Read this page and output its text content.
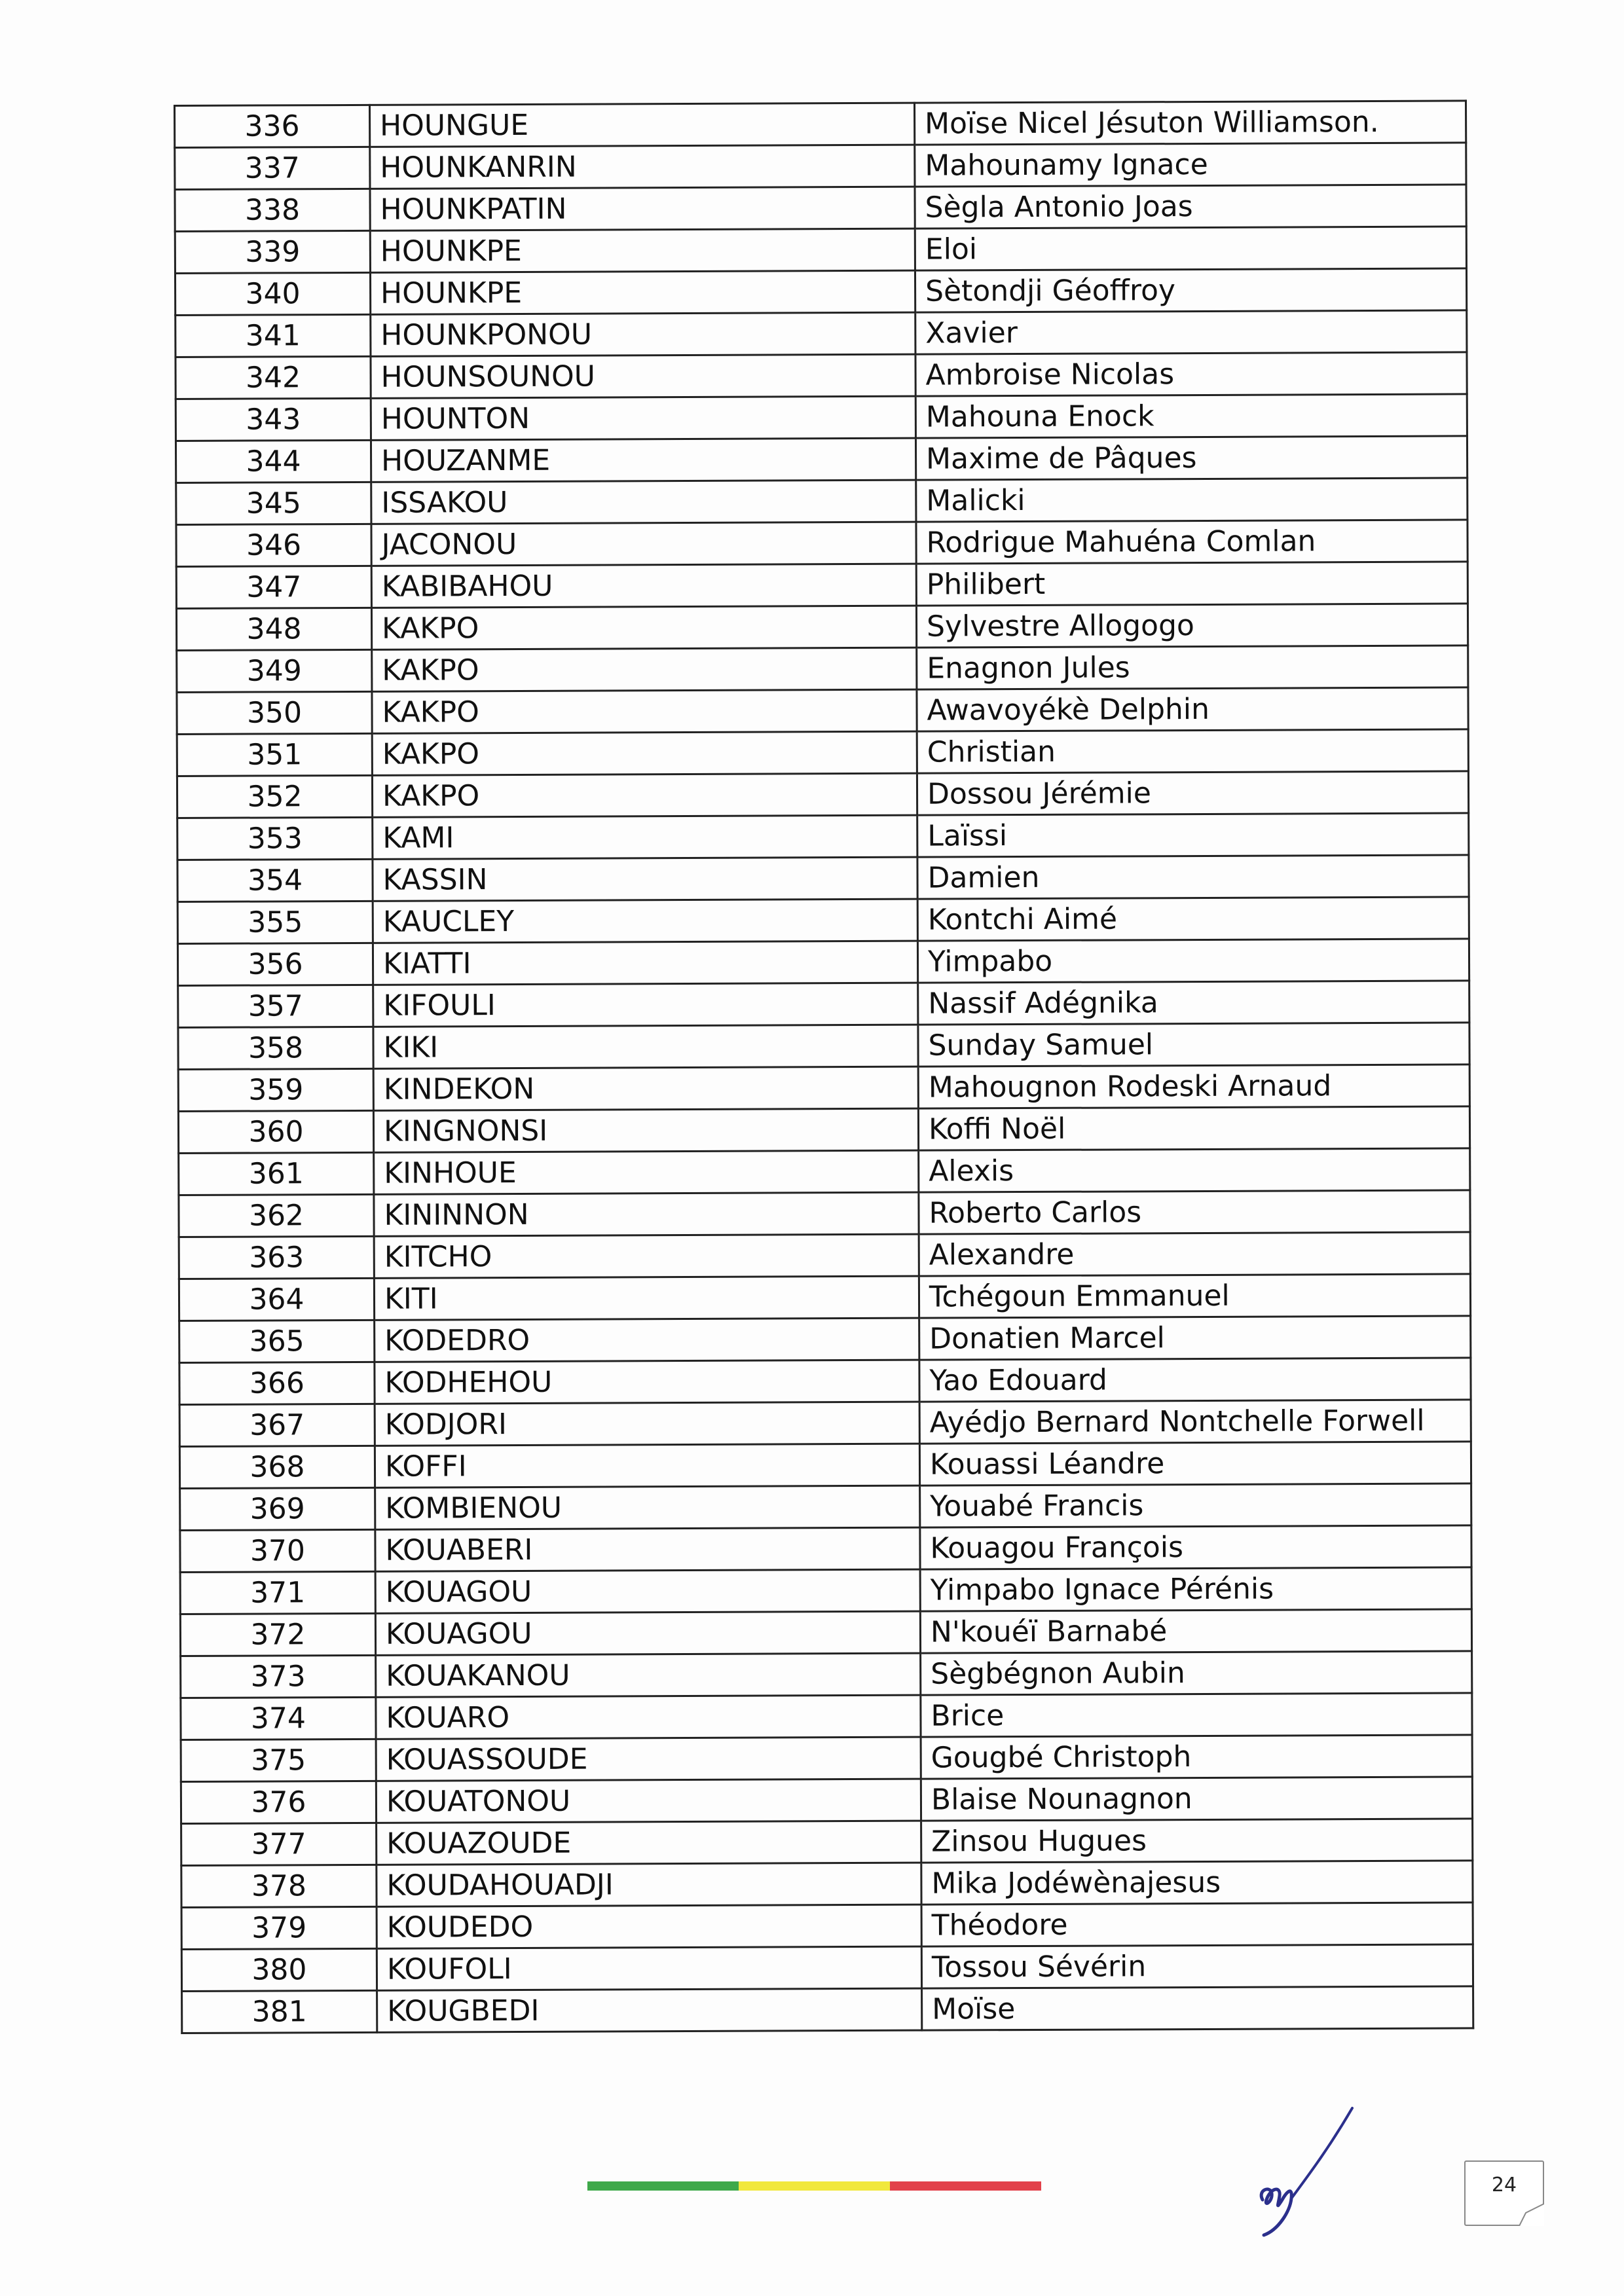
336	HOUNGUE	Moïse Nicel Jésuton Williamson.
337	HOUNKANRIN	Mahounamy Ignace
338	HOUNKPATIN	Sègla Antonio Joas
339	HOUNKPE	Eloi
340	HOUNKPE	Sètondji Géoffroy
341	HOUNKPONOU	Xavier
342	HOUNSOUNOU	Ambroise Nicolas
343	HOUNTON	Mahouna Enock
344	HOUZANME	Maxime de Pâques
345	ISSAKOU	Malicki
346	JACONOU	Rodrigue Mahuéna Comlan
347	KABIBAHOU	Philibert
348	KAKPO	Sylvestre Allogogo
349	KAKPO	Enagnon Jules
350	KAKPO	Awavoyékè Delphin
351	KAKPO	Christian
352	KAKPO	Dossou Jérémie
353	KAMI	Laïssi
354	KASSIN	Damien
355	KAUCLEY	Kontchi Aimé
356	KIATTI	Yimpabo
357	KIFOULI	Nassif Adégnika
358	KIKI	Sunday Samuel
359	KINDEKON	Mahougnon Rodeski Arnaud
360	KINGNONSI	Koffi Noël
361	KINHOUE	Alexis
362	KININNON	Roberto Carlos
363	KITCHO	Alexandre
364	KITI	Tchégoun Emmanuel
365	KODEDRO	Donatien Marcel
366	KODHEHOU	Yao Edouard
367	KODJORI	Ayédjo Bernard Nontchelle Forwell
368	KOFFI	Kouassi Léandre
369	KOMBIENOU	Youabé Francis
370	KOUABERI	Kouagou François
371	KOUAGOU	Yimpabo Ignace Pérénis
372	KOUAGOU	N'kouéï Barnabé
373	KOUAKANOU	Sègbégnon Aubin
374	KOUARO	Brice
375	KOUASSOUDE	Gougbé Christoph
376	KOUATONOU	Blaise Nounagnon
377	KOUAZOUDE	Zinsou Hugues
378	KOUDAHOUADJI	Mika Jodéwènajesus
379	KOUDEDO	Théodore
380	KOUFOLI	Tossou Sévérin
381	KOUGBEDI	Moïse
24
